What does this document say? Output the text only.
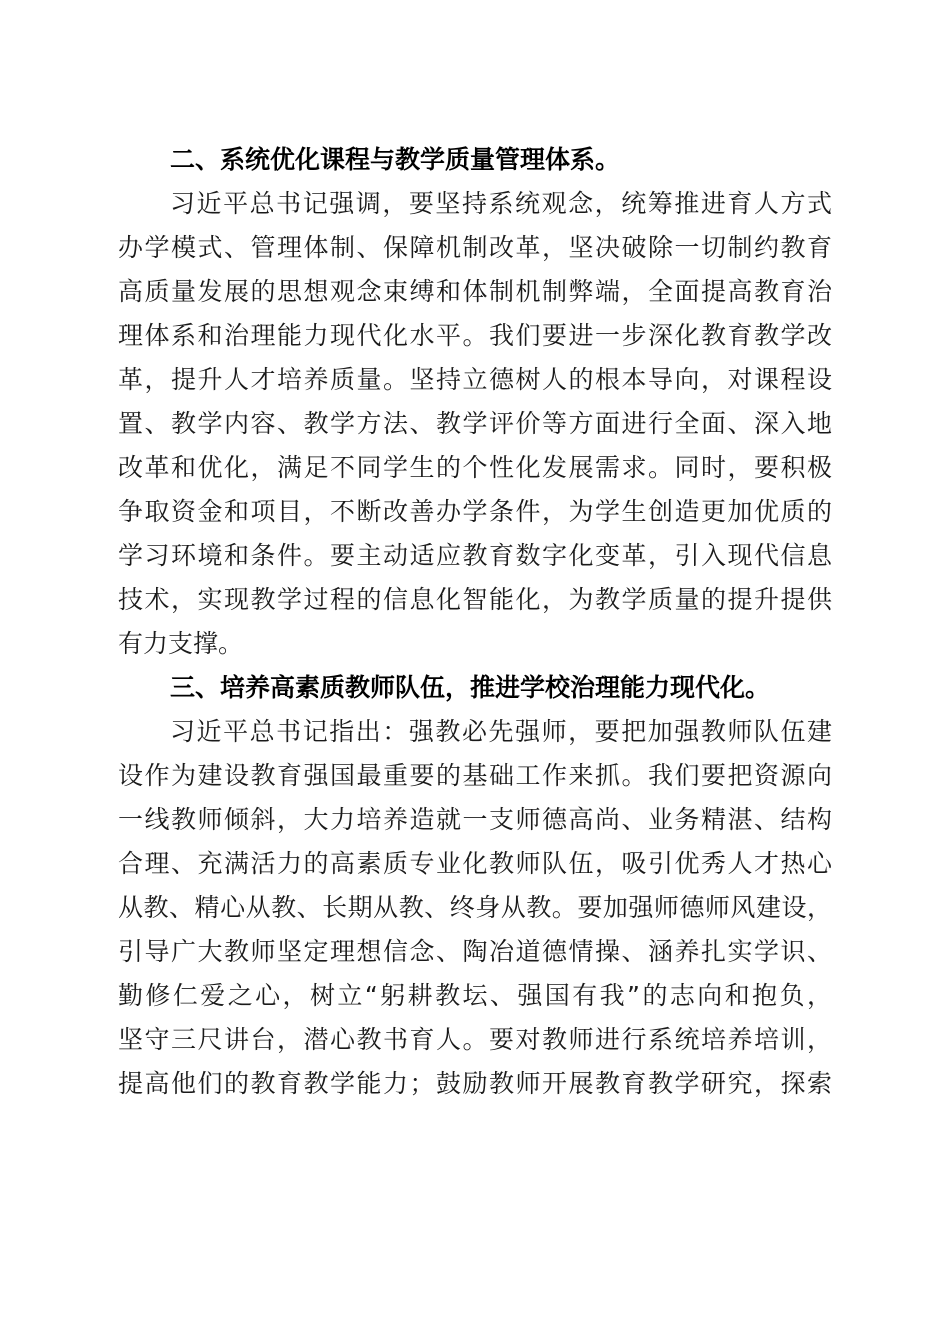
二、系统优化课程与教学质量管理体系。
习近平总书记强调，要坚持系统观念，统筹推进育人方式
办学模式、管理体制、保障机制改革，坚决破除一切制约教育
高质量发展的思想观念束缚和体制机制弊端，全面提高教育治
理体系和治理能力现代化水平。我们要进一步深化教育教学改
革，提升人才培养质量。坚持立德树人的根本导向，对课程设
置、教学内容、教学方法、教学评价等方面进行全面、深入地
改革和优化，满足不同学生的个性化发展需求。同时，要积极
争取资金和项目，不断改善办学条件，为学生创造更加优质的
学习环境和条件。要主动适应教育数字化变革，引入现代信息
技术，实现教学过程的信息化智能化，为教学质量的提升提供
有力支撑。
三、培养高素质教师队伍，推进学校治理能力现代化。
习近平总书记指出：强教必先强师，要把加强教师队伍建
设作为建设教育强国最重要的基础工作来抓。我们要把资源向
一线教师倾斜，大力培养造就一支师德高尚、业务精湛、结构
合理、充满活力的高素质专业化教师队伍，吸引优秀人才热心
从教、精心从教、长期从教、终身从教。要加强师德师风建设，
引导广大教师坚定理想信念、陶冶道德情操、涵养扎实学识、
勤修仁爱之心，树立“躬耕教坛、强国有我”的志向和抱负，
坚守三尺讲台，潜心教书育人。要对教师进行系统培养培训，
提高他们的教育教学能力；鼓励教师开展教育教学研究，探索
